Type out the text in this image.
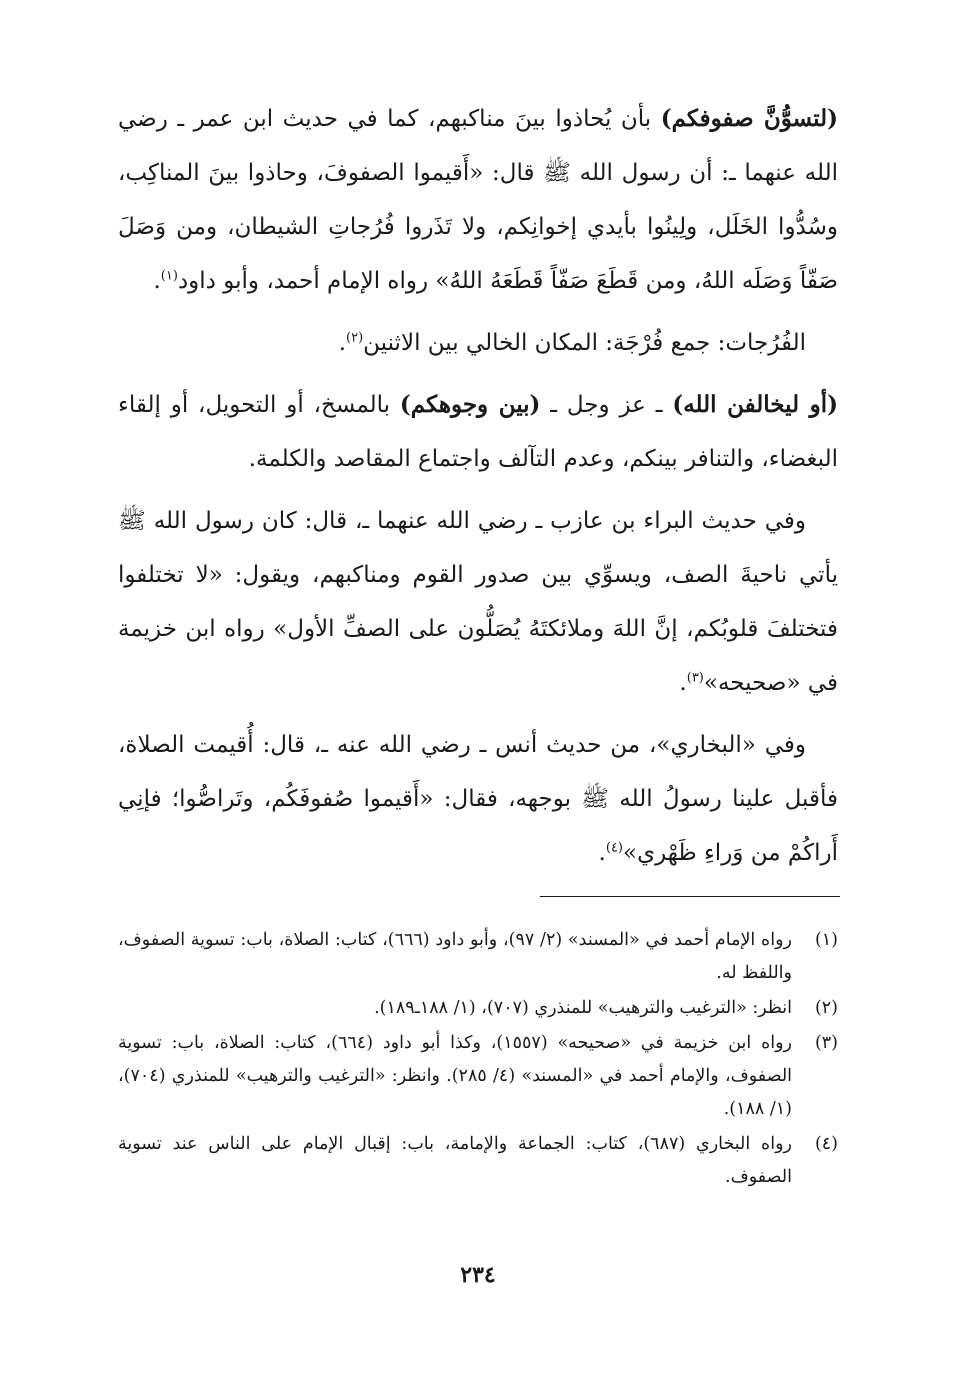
(لتسوُّنَّ صفوفكم) بأن يُحاذوا بينَ مناكبهم، كما في حديث ابن عمر ـ رضي الله عنهما ـ: أن رسول الله ﷺ قال: «أَقيموا الصفوفَ، وحاذوا بينَ المناكِب، وسُدُّوا الخَلَل، ولِينُوا بأيدي إخوانِكم، ولا تَذَروا فُرُجاتِ الشيطان، ومن وَصَلَ صَفّاً وَصَلَه اللهُ، ومن قَطَعَ صَفّاً قَطَعَهُ اللهُ» رواه الإمام أحمد، وأبو داود$^{(١)}$.

الفُرُجات: جمع فُرْجَة: المكان الخالي بين الاثنين$^{(٢)}$.

(أو ليخالفن الله) ـ عز وجل ـ (بين وجوهكم) بالمسخ، أو التحويل، أو إلقاء البغضاء، والتنافر بينكم، وعدم التآلف واجتماع المقاصد والكلمة.

وفي حديث البراء بن عازب ـ رضي الله عنهما ـ، قال: كان رسول الله ﷺ يأتي ناحيةَ الصف، ويسوِّي بين صدور القوم ومناكبهم، ويقول: «لا تختلفوا فتختلفَ قلوبُكم، إنَّ اللهَ وملائكتَهُ يُصَلُّون على الصفِّ الأول» رواه ابن خزيمة في «صحيحه»$^{(٣)}$.

وفي «البخاري»، من حديث أنس ـ رضي الله عنه ـ، قال: أُقيمت الصلاة، فأقبل علينا رسولُ الله ﷺ بوجهه، فقال: «أَقيموا صُفوفَكُم، وتَراصُّوا؛ فإنِي أَراكُمْ من وَراءِ ظَهْري»$^{(٤)}$.

(١)
رواه الإمام أحمد في «المسند» (٢/ ٩٧)، وأبو داود (٦٦٦)، كتاب: الصلاة، باب: تسوية الصفوف، واللفظ له.
(٢)
انظر: «الترغيب والترهيب» للمنذري (٧٠٧)، (١/ ١٨٨ـ١٨٩).
(٣)
رواه ابن خزيمة في «صحيحه» (١٥٥٧)، وكذا أبو داود (٦٦٤)، كتاب: الصلاة، باب: تسوية الصفوف، والإمام أحمد في «المسند» (٤/ ٢٨٥). وانظر: «الترغيب والترهيب» للمنذري (٧٠٤)، (١/ ١٨٨).
(٤)
رواه البخاري (٦٨٧)، كتاب: الجماعة والإمامة، باب: إقبال الإمام على الناس عند تسوية الصفوف.
٢٣٤
